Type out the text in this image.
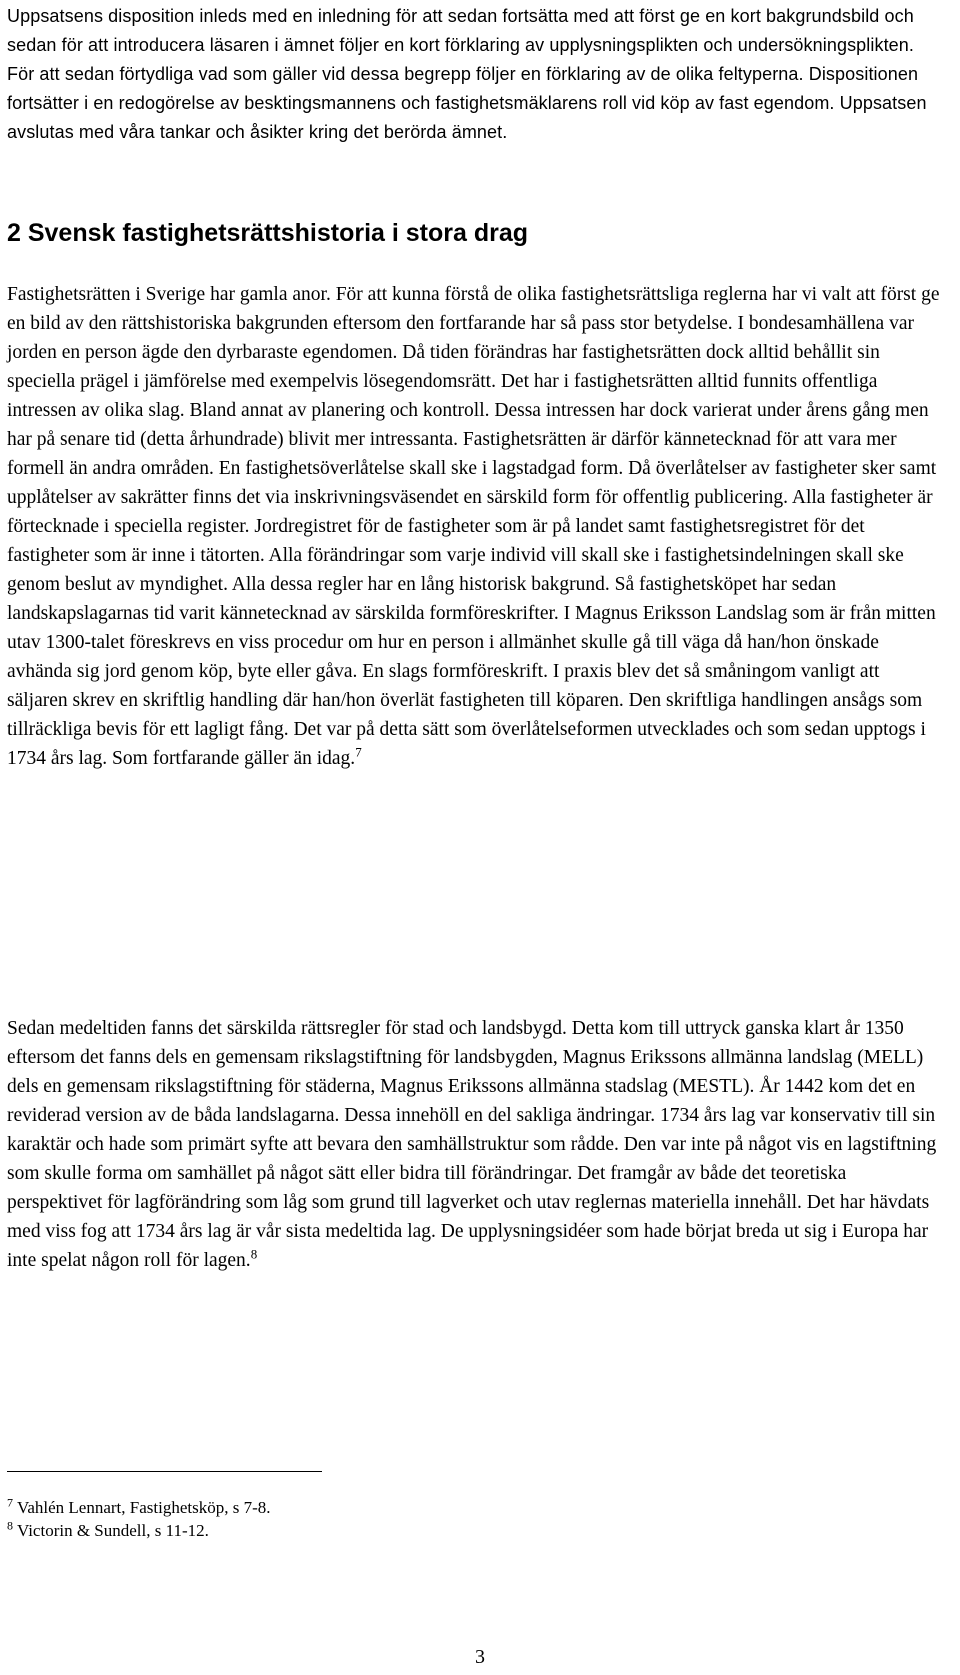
Uppsatsens disposition inleds med en inledning för att sedan fortsätta med att först ge en kort bakgrundsbild och sedan för att introducera läsaren i ämnet följer en kort förklaring av upplysningsplikten och undersökningsplikten. För att sedan förtydliga vad som gäller vid dessa begrepp följer en förklaring av de olika feltyperna. Dispositionen fortsätter i en redogörelse av besktingsmannens och fastighetsmäklarens roll vid köp av fast egendom. Uppsatsen avslutas med våra tankar och åsikter kring det berörda ämnet.

2 Svensk fastighetsrättshistoria i stora drag

Fastighetsrätten i Sverige har gamla anor. För att kunna förstå de olika fastighetsrättsliga reglerna har vi valt att först ge en bild av den rättshistoriska bakgrunden eftersom den fortfarande har så pass stor betydelse. I bondesamhällena var jorden en person ägde den dyrbaraste egendomen. Då tiden förändras har fastighetsrätten dock alltid behållit sin speciella prägel i jämförelse med exempelvis lösegendomsrätt. Det har i fastighetsrätten alltid funnits offentliga intressen av olika slag. Bland annat av planering och kontroll. Dessa intressen har dock varierat under årens gång men har på senare tid (detta århundrade) blivit mer intressanta. Fastighetsrätten är därför kännetecknad för att vara mer formell än andra områden. En fastighetsöverlåtelse skall ske i lagstadgad form. Då överlåtelser av fastigheter sker samt upplåtelser av sakrätter finns det via inskrivningsväsendet en särskild form för offentlig publicering. Alla fastigheter är förtecknade i speciella register. Jordregistret för de fastigheter som är på landet samt fastighetsregistret för det fastigheter som är inne i tätorten. Alla förändringar som varje individ vill skall ske i fastighetsindelningen skall ske genom beslut av myndighet. Alla dessa regler har en lång historisk bakgrund. Så fastighetsköpet har sedan landskapslagarnas tid varit kännetecknad av särskilda formföreskrifter. I Magnus Eriksson Landslag som är från mitten utav 1300-talet föreskrevs en viss procedur om hur en person i allmänhet skulle gå till väga då han/hon önskade avhända sig jord genom köp, byte eller gåva. En slags formföreskrift. I praxis blev det så småningom vanligt att säljaren skrev en skriftlig handling där han/hon överlät fastigheten till köparen. Den skriftliga handlingen ansågs som tillräckliga bevis för ett lagligt fång. Det var på detta sätt som överlåtelseformen utvecklades och som sedan upptogs i 1734 års lag. Som fortfarande gäller än idag.$^7$

Sedan medeltiden fanns det särskilda rättsregler för stad och landsbygd. Detta kom till uttryck ganska klart år 1350 eftersom det fanns dels en gemensam rikslagstiftning för landsbygden, Magnus Erikssons allmänna landslag (MELL) dels en gemensam rikslagstiftning för städerna, Magnus Erikssons allmänna stadslag (MESTL). År 1442 kom det en reviderad version av de båda landslagarna. Dessa innehöll en del sakliga ändringar. 1734 års lag var konservativ till sin karaktär och hade som primärt syfte att bevara den samhällstruktur som rådde. Den var inte på något vis en lagstiftning som skulle forma om samhället på något sätt eller bidra till förändringar. Det framgår av både det teoretiska perspektivet för lagförändring som låg som grund till lagverket och utav reglernas materiella innehåll. Det har hävdats med viss fog att 1734 års lag är vår sista medeltida lag. De upplysningsidéer som hade börjat breda ut sig i Europa har inte spelat någon roll för lagen.$^8$

$^7$ Vahlén Lennart, Fastighetsköp, s 7-8.
$^8$ Victorin & Sundell, s 11-12.
3
